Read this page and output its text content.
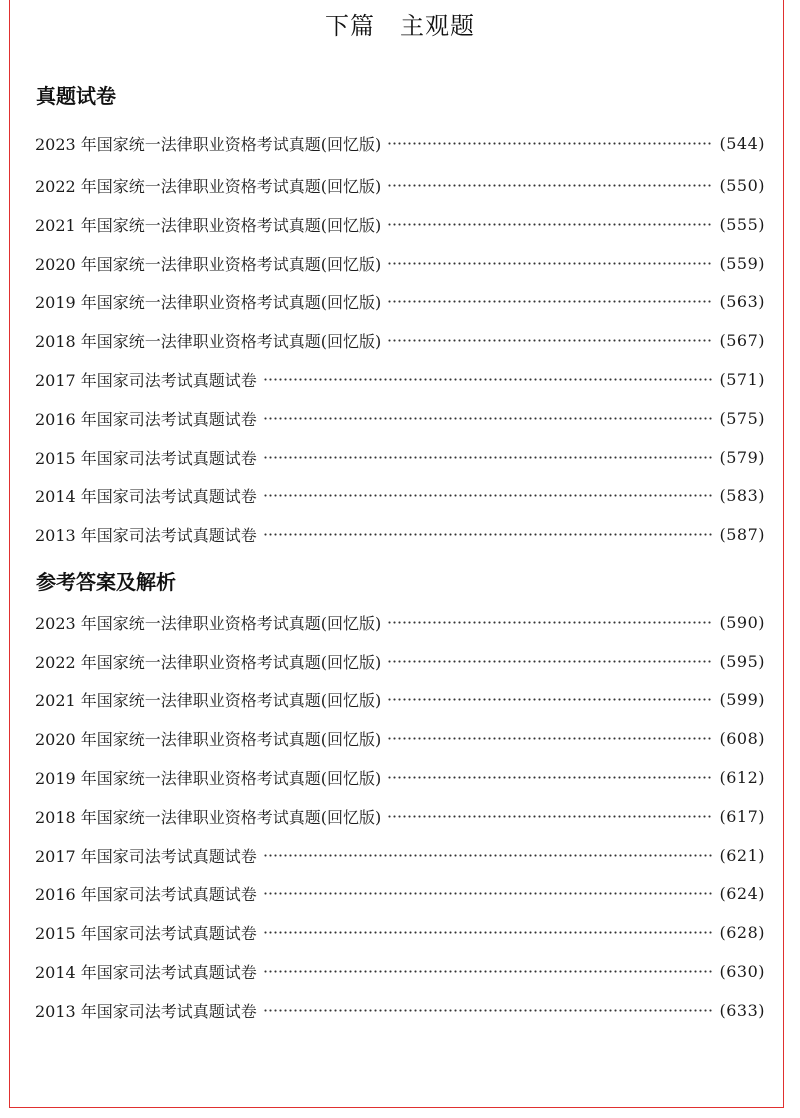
下篇　主观题
真题试卷
2023 年国家统一法律职业资格考试真题(回忆版)	(544)
2022 年国家统一法律职业资格考试真题(回忆版)	(550)
2021 年国家统一法律职业资格考试真题(回忆版)	(555)
2020 年国家统一法律职业资格考试真题(回忆版)	(559)
2019 年国家统一法律职业资格考试真题(回忆版)	(563)
2018 年国家统一法律职业资格考试真题(回忆版)	(567)
2017 年国家司法考试真题试卷	(571)
2016 年国家司法考试真题试卷	(575)
2015 年国家司法考试真题试卷	(579)
2014 年国家司法考试真题试卷	(583)
2013 年国家司法考试真题试卷	(587)
参考答案及解析
2023 年国家统一法律职业资格考试真题(回忆版)	(590)
2022 年国家统一法律职业资格考试真题(回忆版)	(595)
2021 年国家统一法律职业资格考试真题(回忆版)	(599)
2020 年国家统一法律职业资格考试真题(回忆版)	(608)
2019 年国家统一法律职业资格考试真题(回忆版)	(612)
2018 年国家统一法律职业资格考试真题(回忆版)	(617)
2017 年国家司法考试真题试卷	(621)
2016 年国家司法考试真题试卷	(624)
2015 年国家司法考试真题试卷	(628)
2014 年国家司法考试真题试卷	(630)
2013 年国家司法考试真题试卷	(633)
